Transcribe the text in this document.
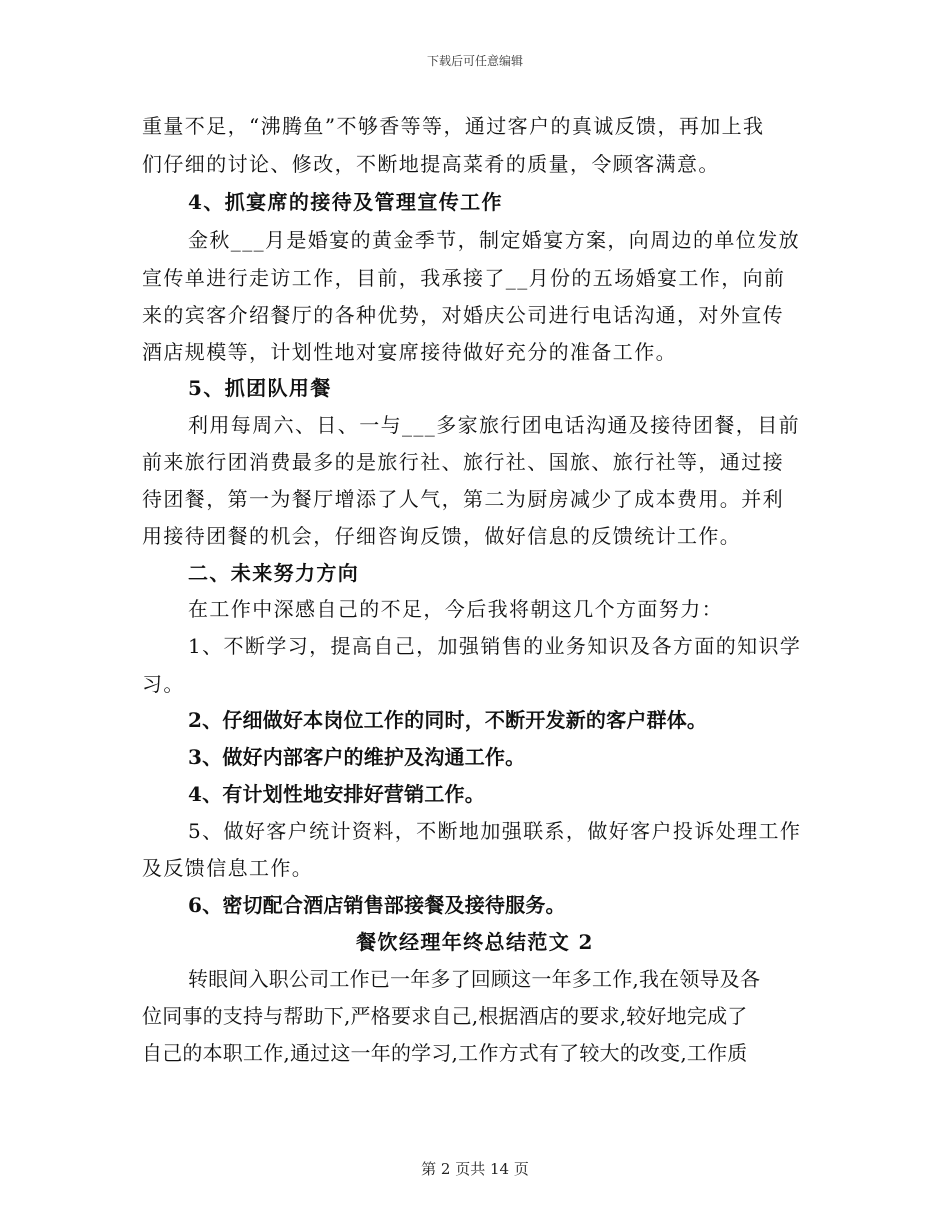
下载后可任意编辑
重量不足，“沸腾鱼”不够香等等，通过客户的真诚反馈，再加上我
们仔细的讨论、修改，不断地提高菜肴的质量，令顾客满意。
4、抓宴席的接待及管理宣传工作
金秋___月是婚宴的黄金季节，制定婚宴方案，向周边的单位发放
宣传单进行走访工作，目前，我承接了__月份的五场婚宴工作，向前
来的宾客介绍餐厅的各种优势，对婚庆公司进行电话沟通，对外宣传
酒店规模等，计划性地对宴席接待做好充分的准备工作。
5、抓团队用餐
利用每周六、日、一与___多家旅行团电话沟通及接待团餐，目前
前来旅行团消费最多的是旅行社、旅行社、国旅、旅行社等，通过接
待团餐，第一为餐厅增添了人气，第二为厨房减少了成本费用。并利
用接待团餐的机会，仔细咨询反馈，做好信息的反馈统计工作。
二、未来努力方向
在工作中深感自己的不足，今后我将朝这几个方面努力：
1、不断学习，提高自己，加强销售的业务知识及各方面的知识学
习。
2、仔细做好本岗位工作的同时，不断开发新的客户群体。
3、做好内部客户的维护及沟通工作。
4、有计划性地安排好营销工作。
5、做好客户统计资料，不断地加强联系，做好客户投诉处理工作
及反馈信息工作。
6、密切配合酒店销售部接餐及接待服务。
餐饮经理年终总结范文 2
转眼间入职公司工作已一年多了回顾这一年多工作,我在领导及各
位同事的支持与帮助下,严格要求自己,根据酒店的要求,较好地完成了
自己的本职工作,通过这一年的学习,工作方式有了较大的改变,工作质
第 2 页共 14 页
